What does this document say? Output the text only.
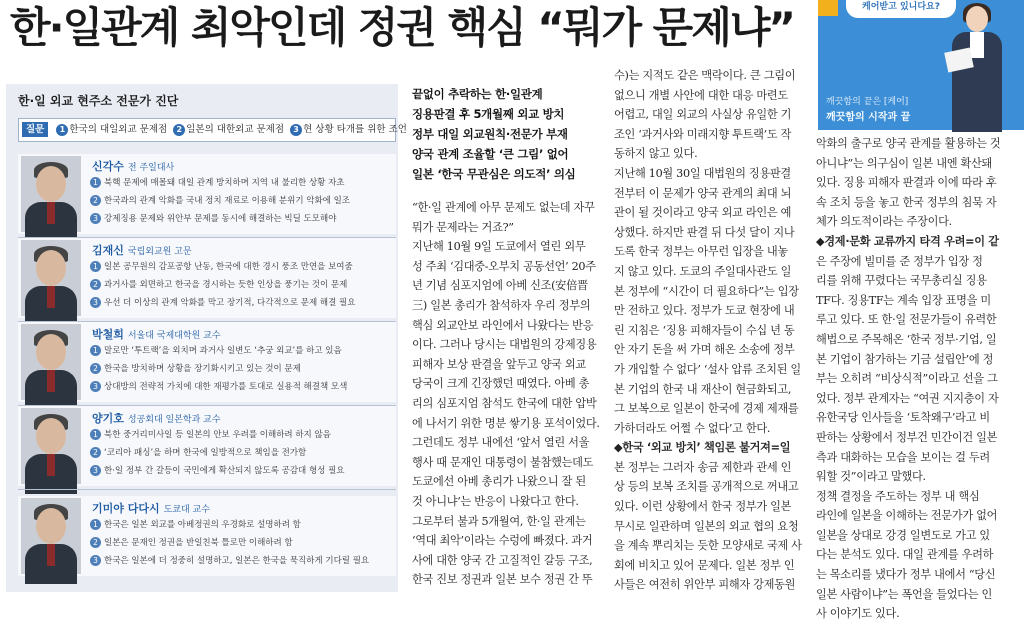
한·일관계 최악인데 정권 핵심 “뭐가 문제냐”	케어받고 있니다요?
깨끗함의 끝은 [케어]
깨끗함의 시작과 끝
한·일 외교 현주소 전문가 진단
질문 1 한국의 대일외교 문제점 2 일본의 대한외교 문제점 3 현 상황 타개를 위한 조언
신각수 전 주일대사
1 북핵 문제에 매몰돼 대일 관계 방치하며 지역 내 불리한 상황 자초
2 한국과의 관계 악화를 국내 정치 재료로 이용해 분위기 악화에 일조
3 강제징용 문제와 위안부 문제를 동시에 해결하는 빅딜 도모해야
김재신 국립외교원 고문
1 일본 공무원의 감포공항 난동, 한국에 대한 경시 풍조 만연을 보여줌
2 과거사를 외면하고 한국을 경시하는 듯한 인상을 풍기는 것이 문제
3 우선 더 이상의 관계 악화를 막고 장기적, 다각적으로 문제 해결 필요
박철희 서울대 국제대학원 교수
1 말로만 ‘투트랙’을 외치며 과거사 일변도 ‘추궁 외교’를 하고 있음
2 한국을 방치하며 상황을 장기화시키고 있는 것이 문제
3 상대방의 전략적 가치에 대한 재평가를 토대로 실용적 해결책 모색
양기호 성공회대 일본학과 교수
1 북한 중거리미사일 등 일본의 안보 우려를 이해하려 하지 않음
2 ‘코리아 패싱’을 하며 한국에 일방적으로 책임을 전가함
3 한·일 정부 간 갈등이 국민에게 확산되지 않도록 공감대 형성 필요
기미야 다다시 도쿄대 교수
1 한국은 일본 외교를 아베정권의 우경화로 설명하려 함
2 일본은 문재인 정권을 반일친북 틀로만 이해하려 함
3 한국은 일본에 더 정중히 설명하고, 일본은 한국을 묵직하게 기다릴 필요

끝없이 추락하는 한·일관계

징용판결 후 5개월째 외교 방치

정부 대일 외교원칙·전문가 부재

양국 관계 조율할 ‘큰 그림’ 없어

일본 ‘한국 무관심은 의도적’ 의심

“한·일 관계에 아무 문제도 없는데 자꾸

뭐가 문제라는 거죠?”

지난해 10월 9일 도쿄에서 열린 외무

성 주최 ‘김대중-오부치 공동선언’ 20주

년 기념 심포지엄에 아베 신조(安倍晋

三) 일본 총리가 참석하자 우리 정부의

핵심 외교안보 라인에서 나왔다는 반응

이다. 그러나 당시는 대법원의 강제징용

피해자 보상 판결을 앞두고 양국 외교

당국이 크게 긴장했던 때였다. 아베 총

리의 심포지엄 참석도 한국에 대한 압박

에 나서기 위한 명분 쌓기용 포석이었다.

그런데도 정부 내에선 ‘앞서 열린 서울

행사 때 문재인 대통령이 불참했는데도

도쿄에선 아베 총리가 나왔으니 잘 된

것 아니냐’는 반응이 나왔다고 한다.

그로부터 불과 5개월여, 한·일 관계는

‘역대 최악’이라는 수렁에 빠졌다. 과거

사에 대한 양국 간 고질적인 갈등 구조,

한국 진보 정권과 일본 보수 정권 간 뚜

수)는 지적도 같은 맥락이다. 큰 그림이

없으니 개별 사안에 대한 대응 마련도

어렵고, 대일 외교의 사실상 유일한 기

조인 ‘과거사와 미래지향 투트랙’도 작

동하지 않고 있다.

지난해 10월 30일 대법원의 징용판결

전부터 이 문제가 양국 관계의 최대 뇌

관이 될 것이라고 양국 외교 라인은 예

상했다. 하지만 판결 뒤 다섯 달이 지나

도록 한국 정부는 아무런 입장을 내놓

지 않고 있다. 도쿄의 주일대사관도 일

본 정부에 “시간이 더 필요하다”는 입장

만 전하고 있다. 정부가 도쿄 현장에 내

린 지침은 ‘징용 피해자들이 수십 년 동

안 자기 돈을 써 가며 해온 소송에 정부

가 개입할 수 없다’ ‘설사 압류 조치된 일

본 기업의 한국 내 재산이 현금화되고,

그 보복으로 일본이 한국에 경제 제재를

가하더라도 어쩔 수 없다’고 한다.

◆한국 ‘외교 방치’ 책임론 불거져=일

본 정부는 그러자 송금 제한과 관세 인

상 등의 보복 조치를 공개적으로 꺼내고

있다. 이런 상황에서 한국 정부가 일본

무시로 일관하며 일본의 외교 협의 요청

을 계속 뿌리치는 듯한 모양새로 국제 사

회에 비치고 있어 문제다. 일본 정부 인

사들은 여전히 위안부 피해자 강제동원

악화의 출구로 양국 관계를 활용하는 것

아니냐”는 의구심이 일본 내엔 확산돼

있다. 징용 피해자 판결과 이에 따라 후

속 조치 등을 놓고 한국 정부의 침묵 자

체가 의도적이라는 주장이다.

◆경제·문화 교류까지 타격 우려=이 같

은 주장에 빌미를 준 정부가 입장 정

리를 위해 꾸렸다는 국무총리실 징용

TF다. 징용TF는 계속 입장 표명을 미

루고 있다. 또 한·일 전문가들이 유력한

해법으로 주목해온 ‘한국 정부·기업, 일

본 기업이 참가하는 기금 설립안’에 정

부는 오히려 “비상식적”이라고 선을 그

었다. 정부 관계자는 “여권 지지층이 자

유한국당 인사들을 ‘토착왜구’라고 비

판하는 상황에서 정부건 민간이건 일본

측과 대화하는 모습을 보이는 걸 두려

워할 것”이라고 말했다.

정책 결정을 주도하는 정부 내 핵심

라인에 일본을 이해하는 전문가가 없어

일본을 상대로 강경 일변도로 가고 있

다는 분석도 있다. 대일 관계를 우려하

는 목소리를 냈다가 정부 내에서 “당신

일본 사람이냐”는 폭언을 들었다는 인

사 이야기도 있다.
